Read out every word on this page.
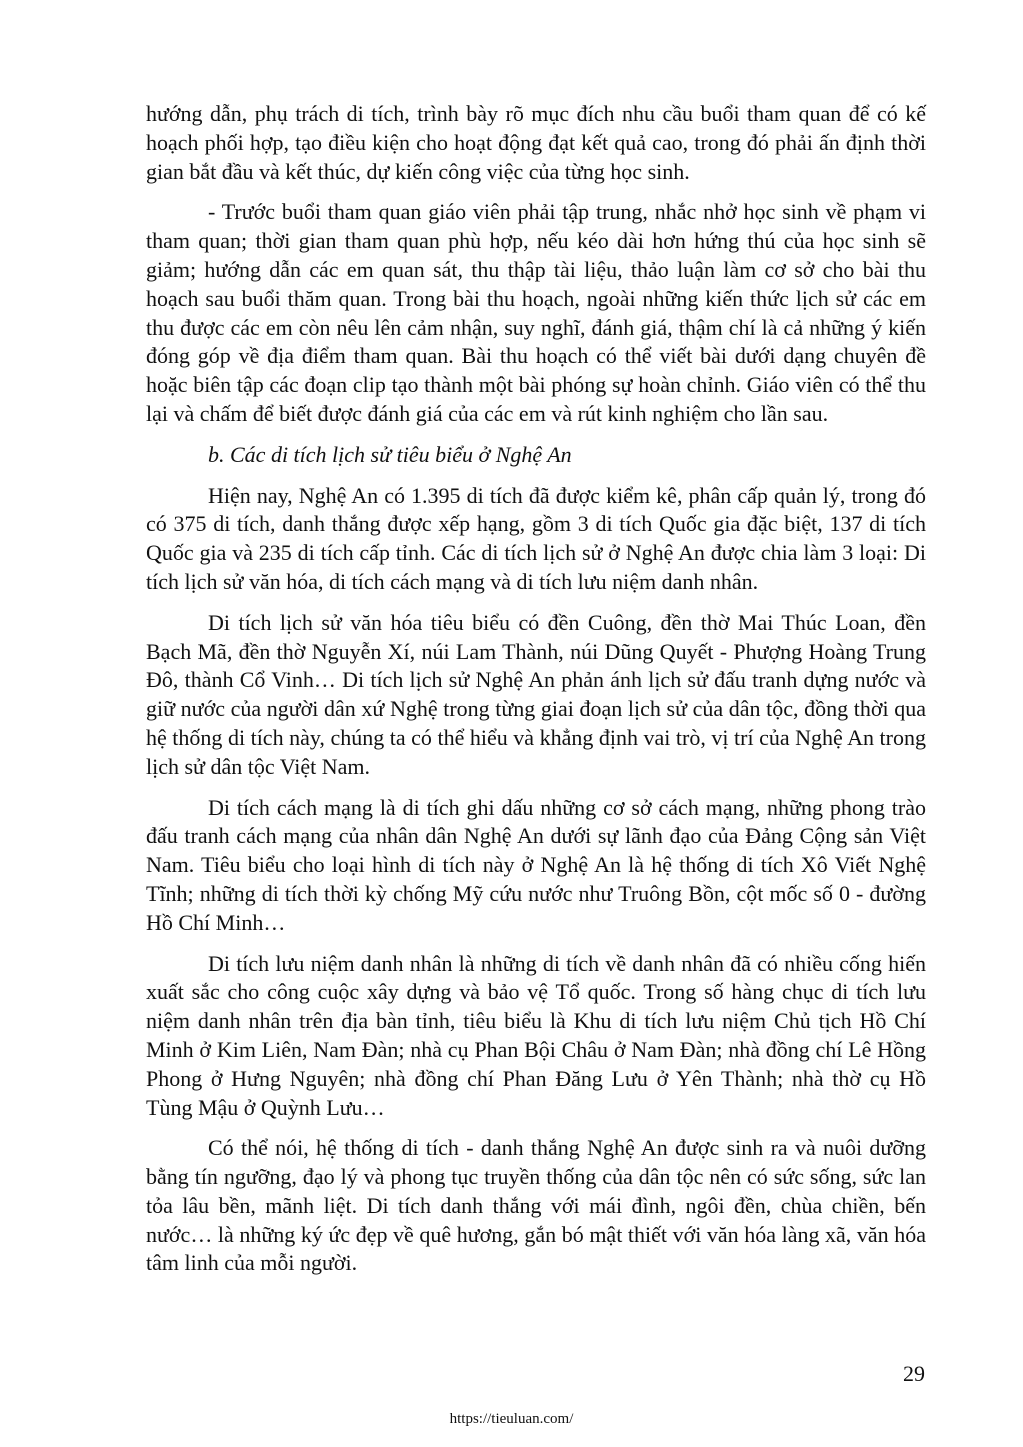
hướng dẫn, phụ trách di tích, trình bày rõ mục đích nhu cầu buổi tham quan để có kế hoạch phối hợp, tạo điều kiện cho hoạt động đạt kết quả cao, trong đó phải ấn định thời gian bắt đầu và kết thúc, dự kiến công việc của từng học sinh.

- Trước buổi tham quan giáo viên phải tập trung, nhắc nhở học sinh về phạm vi tham quan; thời gian tham quan phù hợp, nếu kéo dài hơn hứng thú của học sinh sẽ giảm; hướng dẫn các em quan sát, thu thập tài liệu, thảo luận làm cơ sở cho bài thu hoạch sau buổi thăm quan. Trong bài thu hoạch, ngoài những kiến thức lịch sử các em thu được các em còn nêu lên cảm nhận, suy nghĩ, đánh giá, thậm chí là cả những ý kiến đóng góp về địa điểm tham quan. Bài thu hoạch có thể viết bài dưới dạng chuyên đề hoặc biên tập các đoạn clip tạo thành một bài phóng sự hoàn chỉnh. Giáo viên có thể thu lại và chấm để biết được đánh giá của các em và rút kinh nghiệm cho lần sau.

b. Các di tích lịch sử tiêu biểu ở Nghệ An

Hiện nay, Nghệ An có 1.395 di tích đã được kiểm kê, phân cấp quản lý, trong đó có 375 di tích, danh thắng được xếp hạng, gồm 3 di tích Quốc gia đặc biệt, 137 di tích Quốc gia và 235 di tích cấp tỉnh. Các di tích lịch sử ở Nghệ An được chia làm 3 loại: Di tích lịch sử văn hóa, di tích cách mạng và di tích lưu niệm danh nhân.

Di tích lịch sử văn hóa tiêu biểu có đền Cuông, đền thờ Mai Thúc Loan, đền Bạch Mã, đền thờ Nguyễn Xí, núi Lam Thành, núi Dũng Quyết - Phượng Hoàng Trung Đô, thành Cổ Vinh… Di tích lịch sử Nghệ An phản ánh lịch sử đấu tranh dựng nước và giữ nước của người dân xứ Nghệ trong từng giai đoạn lịch sử của dân tộc, đồng thời qua hệ thống di tích này, chúng ta có thể hiểu và khẳng định vai trò, vị trí của Nghệ An trong lịch sử dân tộc Việt Nam.

Di tích cách mạng là di tích ghi dấu những cơ sở cách mạng, những phong trào đấu tranh cách mạng của nhân dân Nghệ An dưới sự lãnh đạo của Đảng Cộng sản Việt Nam. Tiêu biểu cho loại hình di tích này ở Nghệ An là hệ thống di tích Xô Viết Nghệ Tĩnh; những di tích thời kỳ chống Mỹ cứu nước như Truông Bồn, cột mốc số 0 - đường Hồ Chí Minh…

Di tích lưu niệm danh nhân là những di tích về danh nhân đã có nhiều cống hiến xuất sắc cho công cuộc xây dựng và bảo vệ Tổ quốc. Trong số hàng chục di tích lưu niệm danh nhân trên địa bàn tỉnh, tiêu biểu là Khu di tích lưu niệm Chủ tịch Hồ Chí Minh ở Kim Liên, Nam Đàn; nhà cụ Phan Bội Châu ở Nam Đàn; nhà đồng chí Lê Hồng Phong ở Hưng Nguyên; nhà đồng chí Phan Đăng Lưu ở Yên Thành; nhà thờ cụ Hồ Tùng Mậu ở Quỳnh Lưu…

Có thể nói, hệ thống di tích - danh thắng Nghệ An được sinh ra và nuôi dưỡng bằng tín ngưỡng, đạo lý và phong tục truyền thống của dân tộc nên có sức sống, sức lan tỏa lâu bền, mãnh liệt. Di tích danh thắng với mái đình, ngôi đền, chùa chiền, bến nước… là những ký ức đẹp về quê hương, gắn bó mật thiết với văn hóa làng xã, văn hóa tâm linh của mỗi người.

29
https://tieuluan.com/
